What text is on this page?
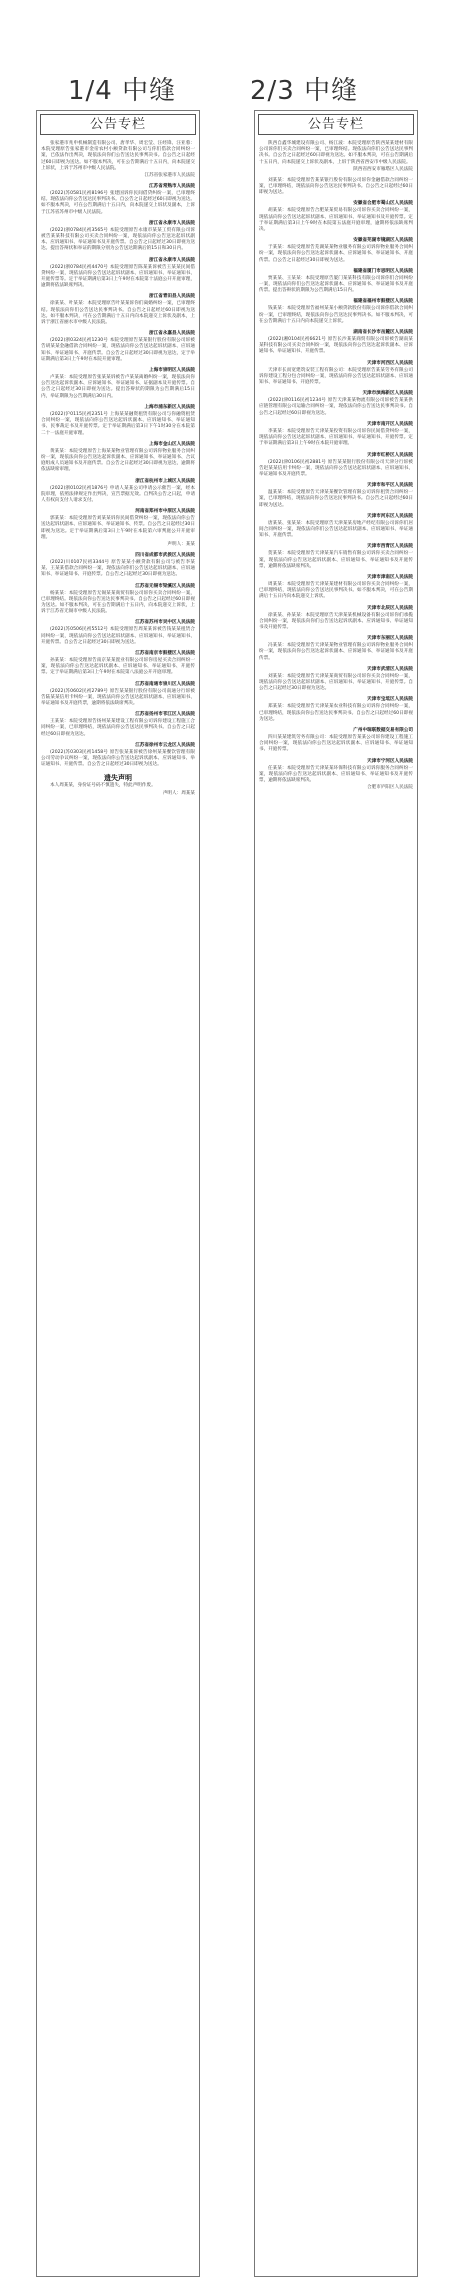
1/4 中缝	2/3 中缝
公告专栏

张家港市兆申机械制造有限公司、唐孝华、周宏莹、汪经锋、汪亚蓉：本院受理原告张家港市金帝农村小额贷款有限公司与你们借款合同纠纷一案，已依法作出判决，现依法向你们公告送达民事判决书。自公告之日起经过60日即视为送达。如不服本判决，可在公告期满后十五日内，向本院递交上诉状，上诉于苏州市中级人民法院。

江苏省张家港市人民法院
江苏省常熟市人民法院

(2022)苏0581民初8196号 张建国诉你民间借贷纠纷一案，已审理终结。现依法向你公告送达民事判决书。自公告之日起经过60日即视为送达。如不服本判决，可在公告期满后十五日内，向本院递交上诉状及副本，上诉于江苏省苏州市中级人民法院。

浙江省永康市人民法院

(2022)浙0784民初3565号 本院受理原告永康市某某工贸有限公司诉被告某某科技有限公司买卖合同纠纷一案，现依法向你公告送达起诉状副本、应诉通知书、举证通知书及开庭传票。自公告之日起经过30日即视为送达。提出答辩状和举证的期限分别为公告送达期满后的15日和30日内。

浙江省永康市人民法院

(2022)浙0784民初4470号 本院受理原告陈某某诉被告王某某民间借贷纠纷一案，现依法向你公告送达起诉状副本、应诉通知书、举证通知书、开庭传票等。定于举证期满后第3日上午9时在本院第十法庭公开开庭审理，逾期将依法缺席判决。

浙江省青田县人民法院

徐某某、叶某某：本院受理原告叶某某诉你们离婚纠纷一案，已审理终结。现依法向你们公告送达民事判决书。自公告之日起经过60日即视为送达。如不服本判决，可在公告期满后十五日内向本院递交上诉状及副本，上诉于浙江省丽水市中级人民法院。

浙江省永嘉县人民法院

(2022)浙0324民初1230号 本院受理原告某某银行股份有限公司诉被告胡某某金融借款合同纠纷一案，现依法向你公告送达起诉状副本、应诉通知书、举证通知书、开庭传票。自公告之日起经过30日即视为送达，定于举证期满后第3日上午9时在本院开庭审理。

上海市崇明区人民法院

卢某某：本院受理原告张某某诉被告卢某某离婚纠纷一案，现依法向你公告送达起诉状副本、应诉通知书、举证通知书、证据副本及开庭传票。自公告之日起经过30日即视为送达。提出答辩状的期限为公告期满后15日内，举证期限为公告期满后30日内。

上海市浦东新区人民法院

(2022)沪0115民初2351号 上海某某融资租赁有限公司与你融资租赁合同纠纷一案，现依法向你公告送达起诉状副本、应诉通知书、举证通知书、民事裁定书及开庭传票。定于举证期满后第3日下午1时30分在本院第二十一法庭开庭审理。

上海市金山区人民法院

黄某某：本院受理原告上海某某物业管理有限公司诉你物业服务合同纠纷一案，现依法向你公告送达起诉状副本、应诉通知书、举证通知书、合议庭组成人员通知书及开庭传票。自公告之日起经过30日即视为送达，逾期将依法缺席审理。

浙江省杭州市上城区人民法院

(2022)浙0102民初1876号 申请人某某公司申请公示催告一案，经本院审理，依照法律规定作出判决，宣告票据无效。自判决公告之日起，申请人有权向支付人请求支付。

河南省郑州市中原区人民法院

郭某某：本院受理原告刘某某诉你民间借贷纠纷一案，现依法向你公告送达起诉状副本、应诉通知书、举证通知书、传票。自公告之日起经过30日即视为送达。定于举证期满后第3日上午9时在本院第六审判庭公开开庭审理。

声明人：某某
四川省成都市武侯区人民法院

(2022)川0107民初3344号 原告某某小额贷款有限公司与被告李某某、王某某借款合同纠纷一案，现依法向你们公告送达起诉状副本、应诉通知书、举证通知书、开庭传票。自公告之日起经过30日即视为送达。

江苏省无锡市梁溪区人民法院

杨某某：本院受理原告无锡某某商贸有限公司诉你买卖合同纠纷一案，已审理终结。现依法向你公告送达民事判决书。自公告之日起经过60日即视为送达。如不服本判决，可在公告期满后十五日内，向本院递交上诉状，上诉于江苏省无锡市中级人民法院。

江苏省苏州市吴中区人民法院

(2022)苏0506民初5512号 本院受理原告周某某诉被告钱某某租赁合同纠纷一案，现依法向你公告送达起诉状副本、应诉通知书、举证通知书、开庭传票。自公告之日起经过30日即视为送达。

江苏省南京市鼓楼区人民法院

孙某某：本院受理原告南京某某置业有限公司诉你房屋买卖合同纠纷一案，现依法向你公告送达起诉状副本、应诉通知书、举证通知书、开庭传票。定于举证期满后第3日上午9时在本院第八法庭公开开庭审理。

江苏省南通市崇川区人民法院

(2022)苏0602民初2789号 原告某某银行股份有限公司南通分行诉被告陆某某信用卡纠纷一案，现依法向你公告送达起诉状副本、应诉通知书、举证通知书及开庭传票，逾期将依法缺席判决。

江苏省扬州市邗江区人民法院

王某某：本院受理原告扬州某某建设工程有限公司诉你建设工程施工合同纠纷一案，已审理终结，现依法向你公告送达民事判决书。自公告之日起经过60日即视为送达。

江苏省徐州市云龙区人民法院

(2022)苏0303民初1458号 原告张某某诉被告徐州某某餐饮管理有限公司劳动争议纠纷一案，现依法向你公告送达起诉状副本、应诉通知书、举证通知书、开庭传票。自公告之日起经过30日即视为送达。

遗失声明

本人周某某，身份证号码不慎遗失，特此声明作废。

声明人：周某某
公告专栏

陕西自鑫华城建设有限公司、杨江波：本院受理原告陕西某某建材有限公司诉你们买卖合同纠纷一案，已审理终结。现依法向你们公告送达民事判决书。自公告之日起经过60日即视为送达。如不服本判决，可在公告期满后十五日内，向本院递交上诉状及副本，上诉于陕西省西安市中级人民法院。

陕西省西安市雁塔区人民法院

刘某某：本院受理原告某某银行股份有限公司诉你金融借款合同纠纷一案，已审理终结，现依法向你公告送达民事判决书。自公告之日起经过60日即视为送达。

安徽省合肥市蜀山区人民法院

胡某某：本院受理原告合肥某某贸易有限公司诉你买卖合同纠纷一案，现依法向你公告送达起诉状副本、应诉通知书、举证通知书及开庭传票。定于举证期满后第3日上午9时在本院第五法庭开庭审理，逾期将依法缺席判决。

安徽省芜湖市镜湖区人民法院

于某某：本院受理原告芜湖某某物业服务有限公司诉你物业服务合同纠纷一案，现依法向你公告送达起诉状副本、应诉通知书、举证通知书、开庭传票。自公告之日起经过30日即视为送达。

福建省厦门市思明区人民法院

贾某某、王某某：本院受理原告厦门某某科技有限公司诉你们合同纠纷一案，现依法向你们公告送达起诉状副本、应诉通知书、举证通知书及开庭传票。提出答辩状的期限为公告期满后15日内。

福建省福州市鼓楼区人民法院

钱某某：本院受理原告福州某某小额贷款股份有限公司诉你借款合同纠纷一案，已审理终结，现依法向你公告送达民事判决书。如不服本判决，可在公告期满后十五日内向本院递交上诉状。

湖南省长沙市岳麓区人民法院

(2022)湘0104民初6621号 原告长沙某某商贸有限公司诉被告湖南某某科技有限公司买卖合同纠纷一案，现依法向你公告送达起诉状副本、应诉通知书、举证通知书、开庭传票。

天津市河西区人民法院

天津市长而宽建筑安装工程有限公司：本院受理原告某某劳务有限公司诉你建设工程分包合同纠纷一案，现依法向你公告送达起诉状副本、应诉通知书、举证通知书、开庭传票。

天津市滨海新区人民法院

(2022)津0116民初1234号 原告天津某某物流有限公司诉被告某某供应链管理有限公司运输合同纠纷一案，现依法向你公告送达民事判决书。自公告之日起经过60日即视为送达。

天津市南开区人民法院

李某某：本院受理原告天津某某投资有限公司诉你民间借贷纠纷一案，现依法向你公告送达起诉状副本、应诉通知书、举证通知书、开庭传票。定于举证期满后第3日上午9时在本院开庭审理。

天津市红桥区人民法院

(2022)津0106民初2881号 原告某某银行股份有限公司天津分行诉被告赵某某信用卡纠纷一案，现依法向你公告送达起诉状副本、应诉通知书、举证通知书及开庭传票。

天津市和平区人民法院

温某某：本院受理原告天津某某餐饮管理有限公司诉你租赁合同纠纷一案，已审理终结，现依法向你公告送达民事判决书。自公告之日起经过60日即视为送达。

天津市河东区人民法院

唐某某、张某某：本院受理原告天津某某房地产经纪有限公司诉你们居间合同纠纷一案，现依法向你们公告送达起诉状副本、应诉通知书、举证通知书、开庭传票。

天津市西青区人民法院

贺某某：本院受理原告天津某某汽车销售有限公司诉你买卖合同纠纷一案，现依法向你公告送达起诉状副本、应诉通知书、举证通知书及开庭传票，逾期将依法缺席判决。

天津市津南区人民法院

周某某：本院受理原告天津某某建材有限公司诉你买卖合同纠纷一案，已审理终结，现依法向你公告送达民事判决书。如不服本判决，可在公告期满后十五日内向本院递交上诉状。

天津市北辰区人民法院

徐某某、孙某某：本院受理原告天津某某机械设备有限公司诉你们承揽合同纠纷一案，现依法向你们公告送达起诉状副本、应诉通知书、举证通知书及开庭传票。

天津市东丽区人民法院

冯某某：本院受理原告天津某某物业管理有限公司诉你物业服务合同纠纷一案，现依法向你公告送达起诉状副本、应诉通知书、举证通知书及开庭传票。

天津市武清区人民法院

刘某某：本院受理原告天津某某商贸有限公司诉你买卖合同纠纷一案，现依法向你公告送达起诉状副本、应诉通知书、举证通知书、开庭传票。自公告之日起经过30日即视为送达。

天津市宝坻区人民法院

郑某某：本院受理原告天津某某农业科技有限公司诉你合同纠纷一案，已审理终结，现依法向你公告送达民事判决书。自公告之日起经过60日即视为送达。

广州中瑞联数据交易有限公司

四川某某建筑劳务有限公司：本院受理原告某某公司诉你建设工程施工合同纠纷一案，现依法向你公告送达起诉状副本、应诉通知书、举证通知书、开庭传票。

天津市宁河区人民法院

任某某：本院受理原告天津某某环保科技有限公司诉你服务合同纠纷一案，现依法向你公告送达起诉状副本、应诉通知书、举证通知书及开庭传票，逾期将依法缺席判决。

合肥市庐阳区人民法院
